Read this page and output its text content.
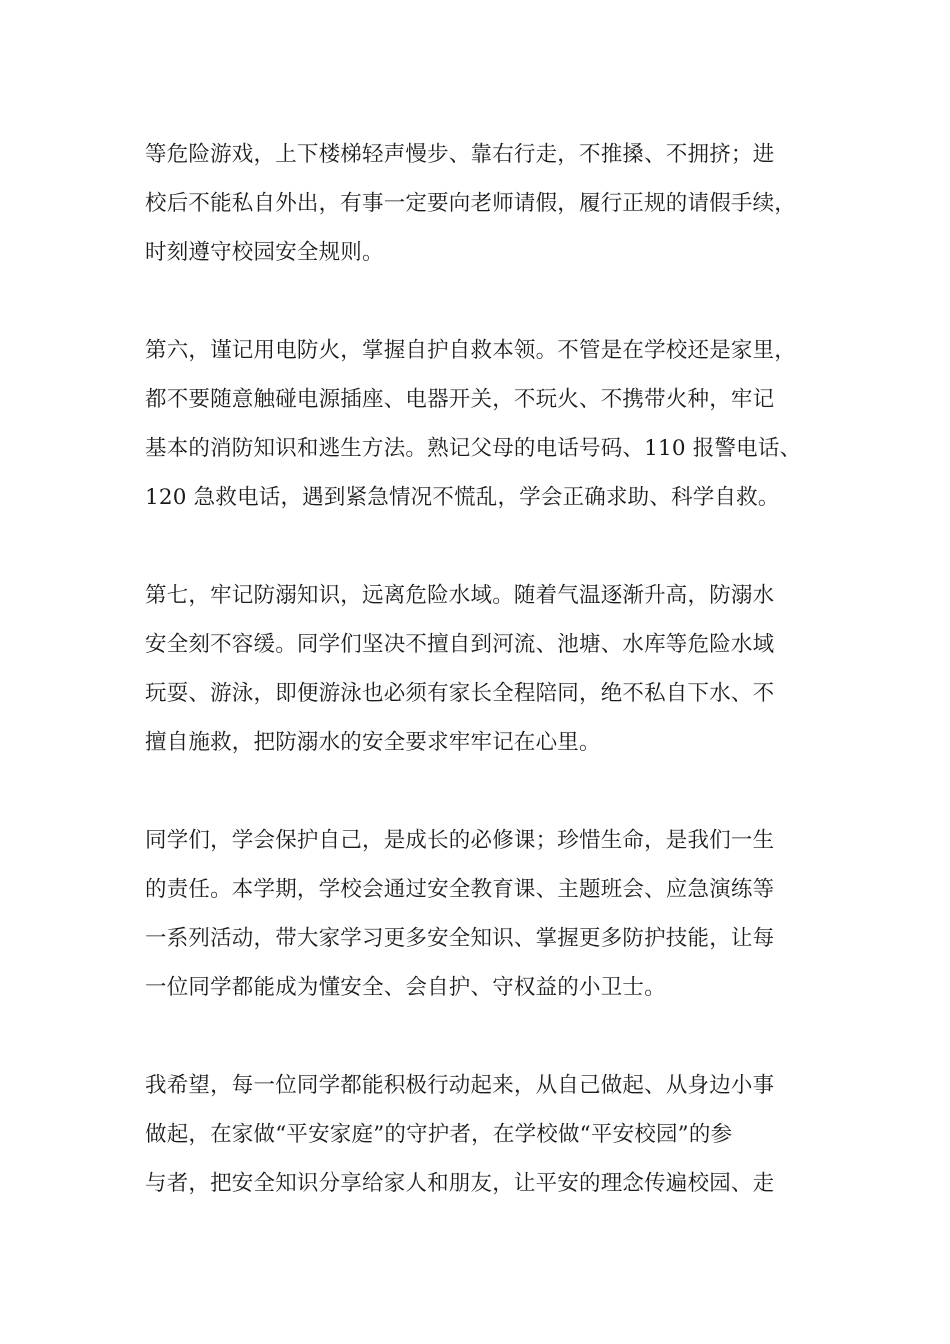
等危险游戏，上下楼梯轻声慢步、靠右行走，不推搡、不拥挤；进
校后不能私自外出，有事一定要向老师请假，履行正规的请假手续，
时刻遵守校园安全规则。

第六，谨记用电防火，掌握自护自救本领。不管是在学校还是家里，
都不要随意触碰电源插座、电器开关，不玩火、不携带火种，牢记
基本的消防知识和逃生方法。熟记父母的电话号码、110 报警电话、
120 急救电话，遇到紧急情况不慌乱，学会正确求助、科学自救。

第七，牢记防溺知识，远离危险水域。随着气温逐渐升高，防溺水
安全刻不容缓。同学们坚决不擅自到河流、池塘、水库等危险水域
玩耍、游泳，即便游泳也必须有家长全程陪同，绝不私自下水、不
擅自施救，把防溺水的安全要求牢牢记在心里。

同学们，学会保护自己，是成长的必修课；珍惜生命，是我们一生
的责任。本学期，学校会通过安全教育课、主题班会、应急演练等
一系列活动，带大家学习更多安全知识、掌握更多防护技能，让每
一位同学都能成为懂安全、会自护、守权益的小卫士。

我希望，每一位同学都能积极行动起来，从自己做起、从身边小事
做起，在家做“平安家庭”的守护者，在学校做“平安校园”的参
与者，把安全知识分享给家人和朋友，让平安的理念传遍校园、走
